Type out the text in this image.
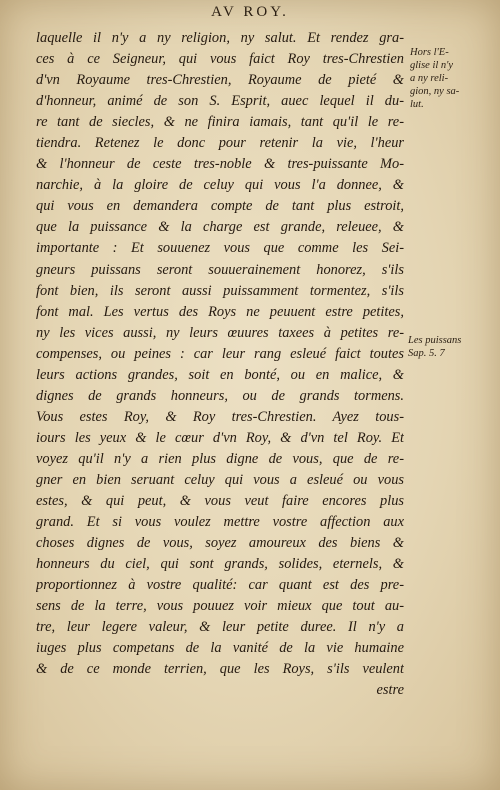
AV ROY.
laquelle il n'y a ny religion, ny salut. Et rendez gra-
ces à ce Seigneur, qui vous faict Roy tres-Chrestien
d'vn Royaume tres-Chrestien, Royaume de pieté &
d'honneur, animé de son S. Esprit, auec lequel il du-
re tant de siecles, & ne finira iamais, tant qu'il le re-
tiendra. Retenez le donc pour retenir la vie, l'heur
& l'honneur de ceste tres-noble & tres-puissante Mo-
narchie, à la gloire de celuy qui vous l'a donnee, &
qui vous en demandera compte de tant plus estroit,
que la puissance & la charge est grande, releuee, &
importante : Et souuenez vous que comme les Sei-
gneurs puissans seront souuerainement honorez, s'ils
font bien, ils seront aussi puissamment tormentez, s'ils
font mal. Les vertus des Roys ne peuuent estre petites,
ny les vices aussi, ny leurs œuures taxees à petites re-
compenses, ou peines : car leur rang esleué faict toutes
leurs actions grandes, soit en bonté, ou en malice, &
dignes de grands honneurs, ou de grands tormens.
Vous estes Roy, & Roy tres-Chrestien. Ayez tous-
iours les yeux & le cœur d'vn Roy, & d'vn tel Roy. Et
voyez qu'il n'y a rien plus digne de vous, que de re-
gner en bien seruant celuy qui vous a esleué ou vous
estes, & qui peut, & vous veut faire encores plus
grand. Et si vous voulez mettre vostre affection aux
choses dignes de vous, soyez amoureux des biens &
honneurs du ciel, qui sont grands, solides, eternels, &
proportionnez à vostre qualité: car quant est des pre-
sens de la terre, vous pouuez voir mieux que tout au-
tre, leur legere valeur, & leur petite duree. Il n'y a
iuges plus competans de la vanité de la vie humaine
& de ce monde terrien, que les Roys, s'ils veulent
estre
Hors l'E-
glise il n'y
a ny reli-
gion, ny sa-
lut.
Les puissans
Sap. 5. 7
